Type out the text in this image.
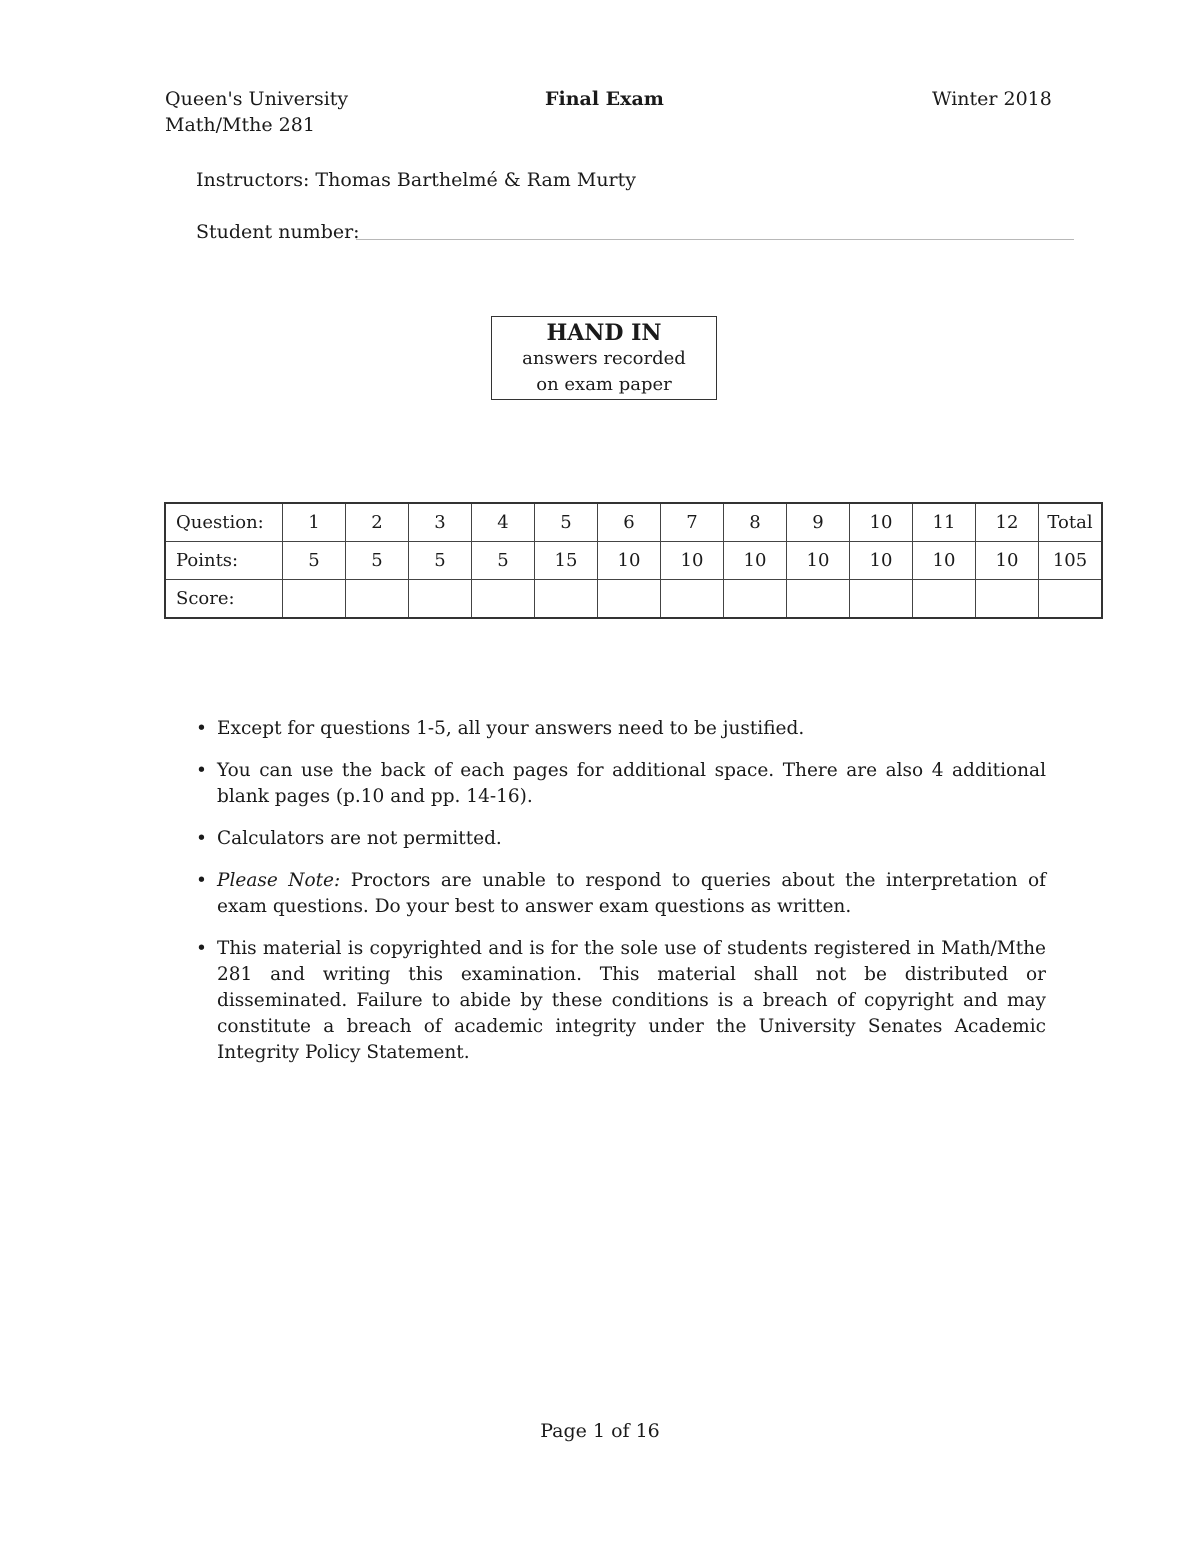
Queen's University
Math/Mthe 281
Final Exam	Winter 2018
Instructors: Thomas Barthelmé & Ram Murty
Student number:
HAND IN
answers recorded
on exam paper
Question:	1	2	3	4	5	6	7	8	9	10	11	12	Total
Points:	5	5	5	5	15	10	10	10	10	10	10	10	105
Score:													
• Except for questions 1-5, all your answers need to be justified.
• You can use the back of each pages for additional space. There are also 4 additional blank pages (p.10 and pp. 14-16).
• Calculators are not permitted.
• Please Note: Proctors are unable to respond to queries about the interpretation of exam questions. Do your best to answer exam questions as written.
• This material is copyrighted and is for the sole use of students registered in Math/Mthe 281 and writing this examination. This material shall not be distributed or disseminated. Failure to abide by these conditions is a breach of copyright and may constitute a breach of academic integrity under the University Senates Academic Integrity Policy Statement.
Page 1 of 16
